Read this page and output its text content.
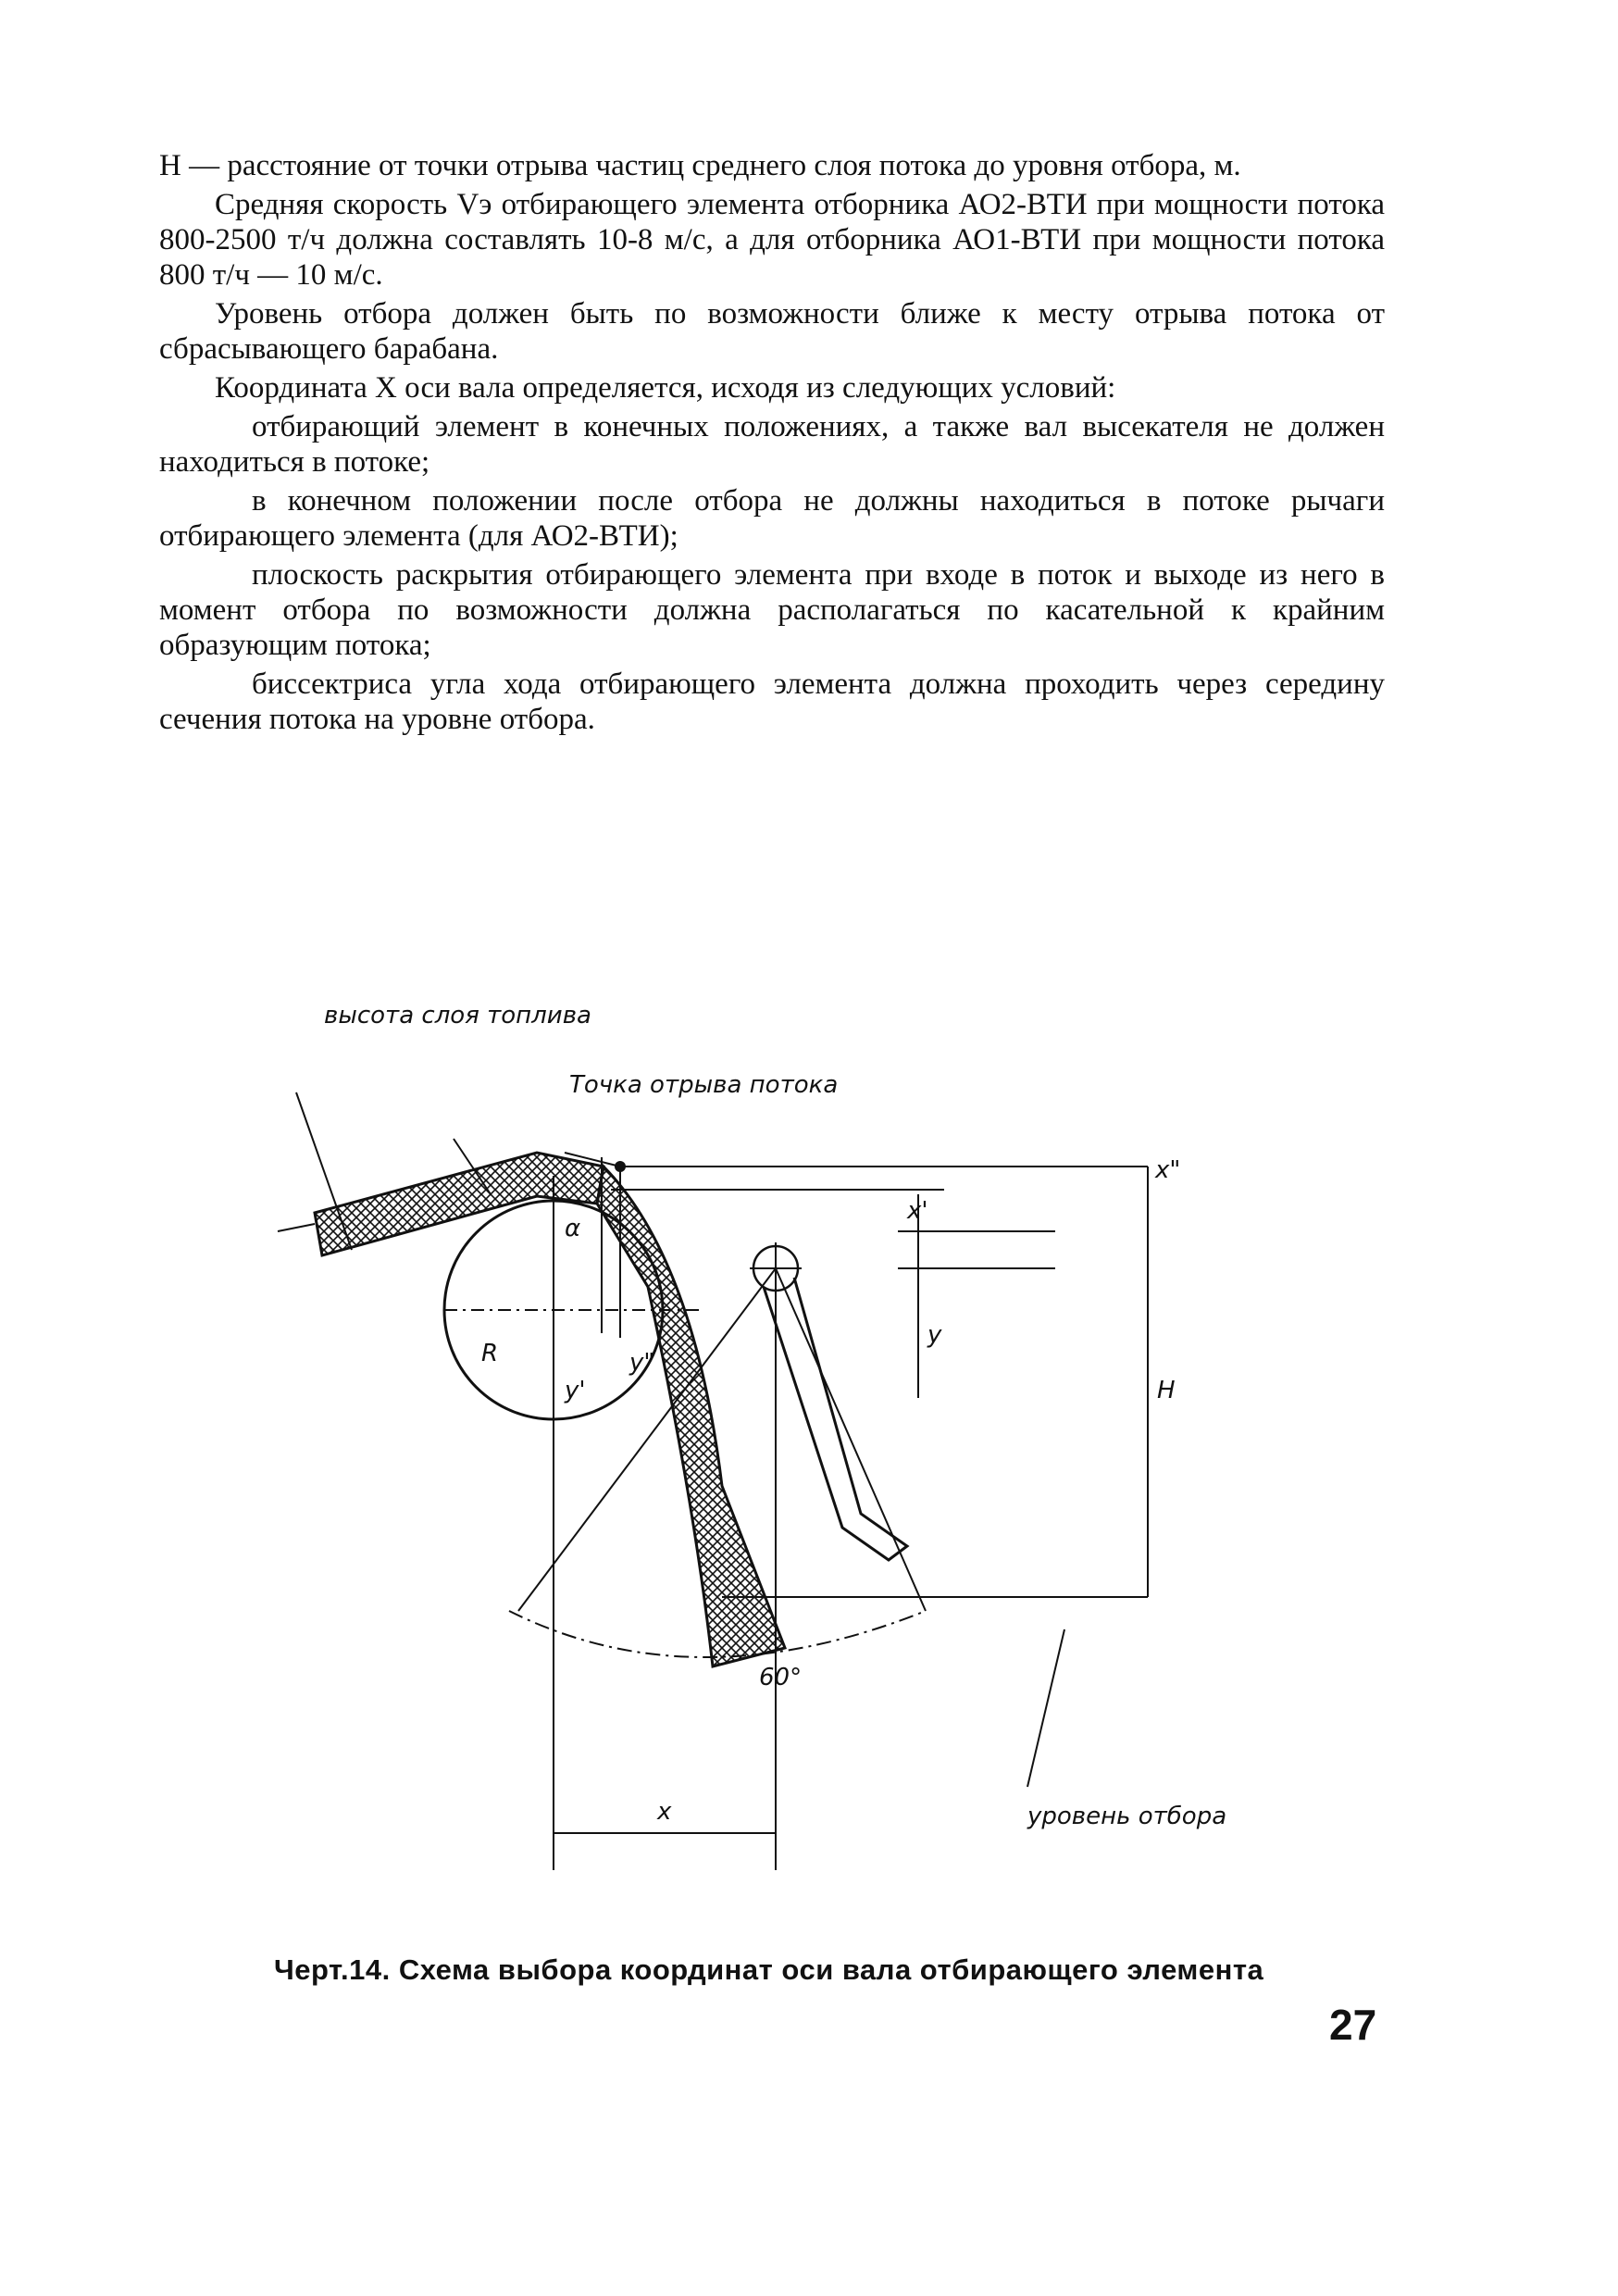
H — расстояние от точки отрыва частиц среднего слоя потока до уровня отбора, м.

Средняя скорость Vэ отбирающего элемента отборника АО2-ВТИ при мощности потока 800-2500 т/ч должна составлять 10-8 м/с, а для отборника АО1-ВТИ при мощности потока 800 т/ч — 10 м/с.

Уровень отбора должен быть по возможности ближе к месту отрыва потока от сбрасывающего барабана.

Координата X оси вала определяется, исходя из следующих условий:

отбирающий элемент в конечных положениях, а также вал высекателя не должен находиться в потоке;

в конечном положении после отбора не должны находиться в потоке рычаги отбирающего элемента (для АО2-ВТИ);

плоскость раскрытия отбирающего элемента при входе в поток и выходе из него в момент отбора по возможности должна располагаться по касательной к крайним образующим потока;

биссектриса угла хода отбирающего элемента должна проходить через середину сечения потока на уровне отбора.

высота слоя топлива
Точка отрыва потока
x"
x'
α
R
y'
y"
y
H
60°
x	уровень отбора
Черт.14. Схема выбора координат оси вала отбирающего элемента
27
